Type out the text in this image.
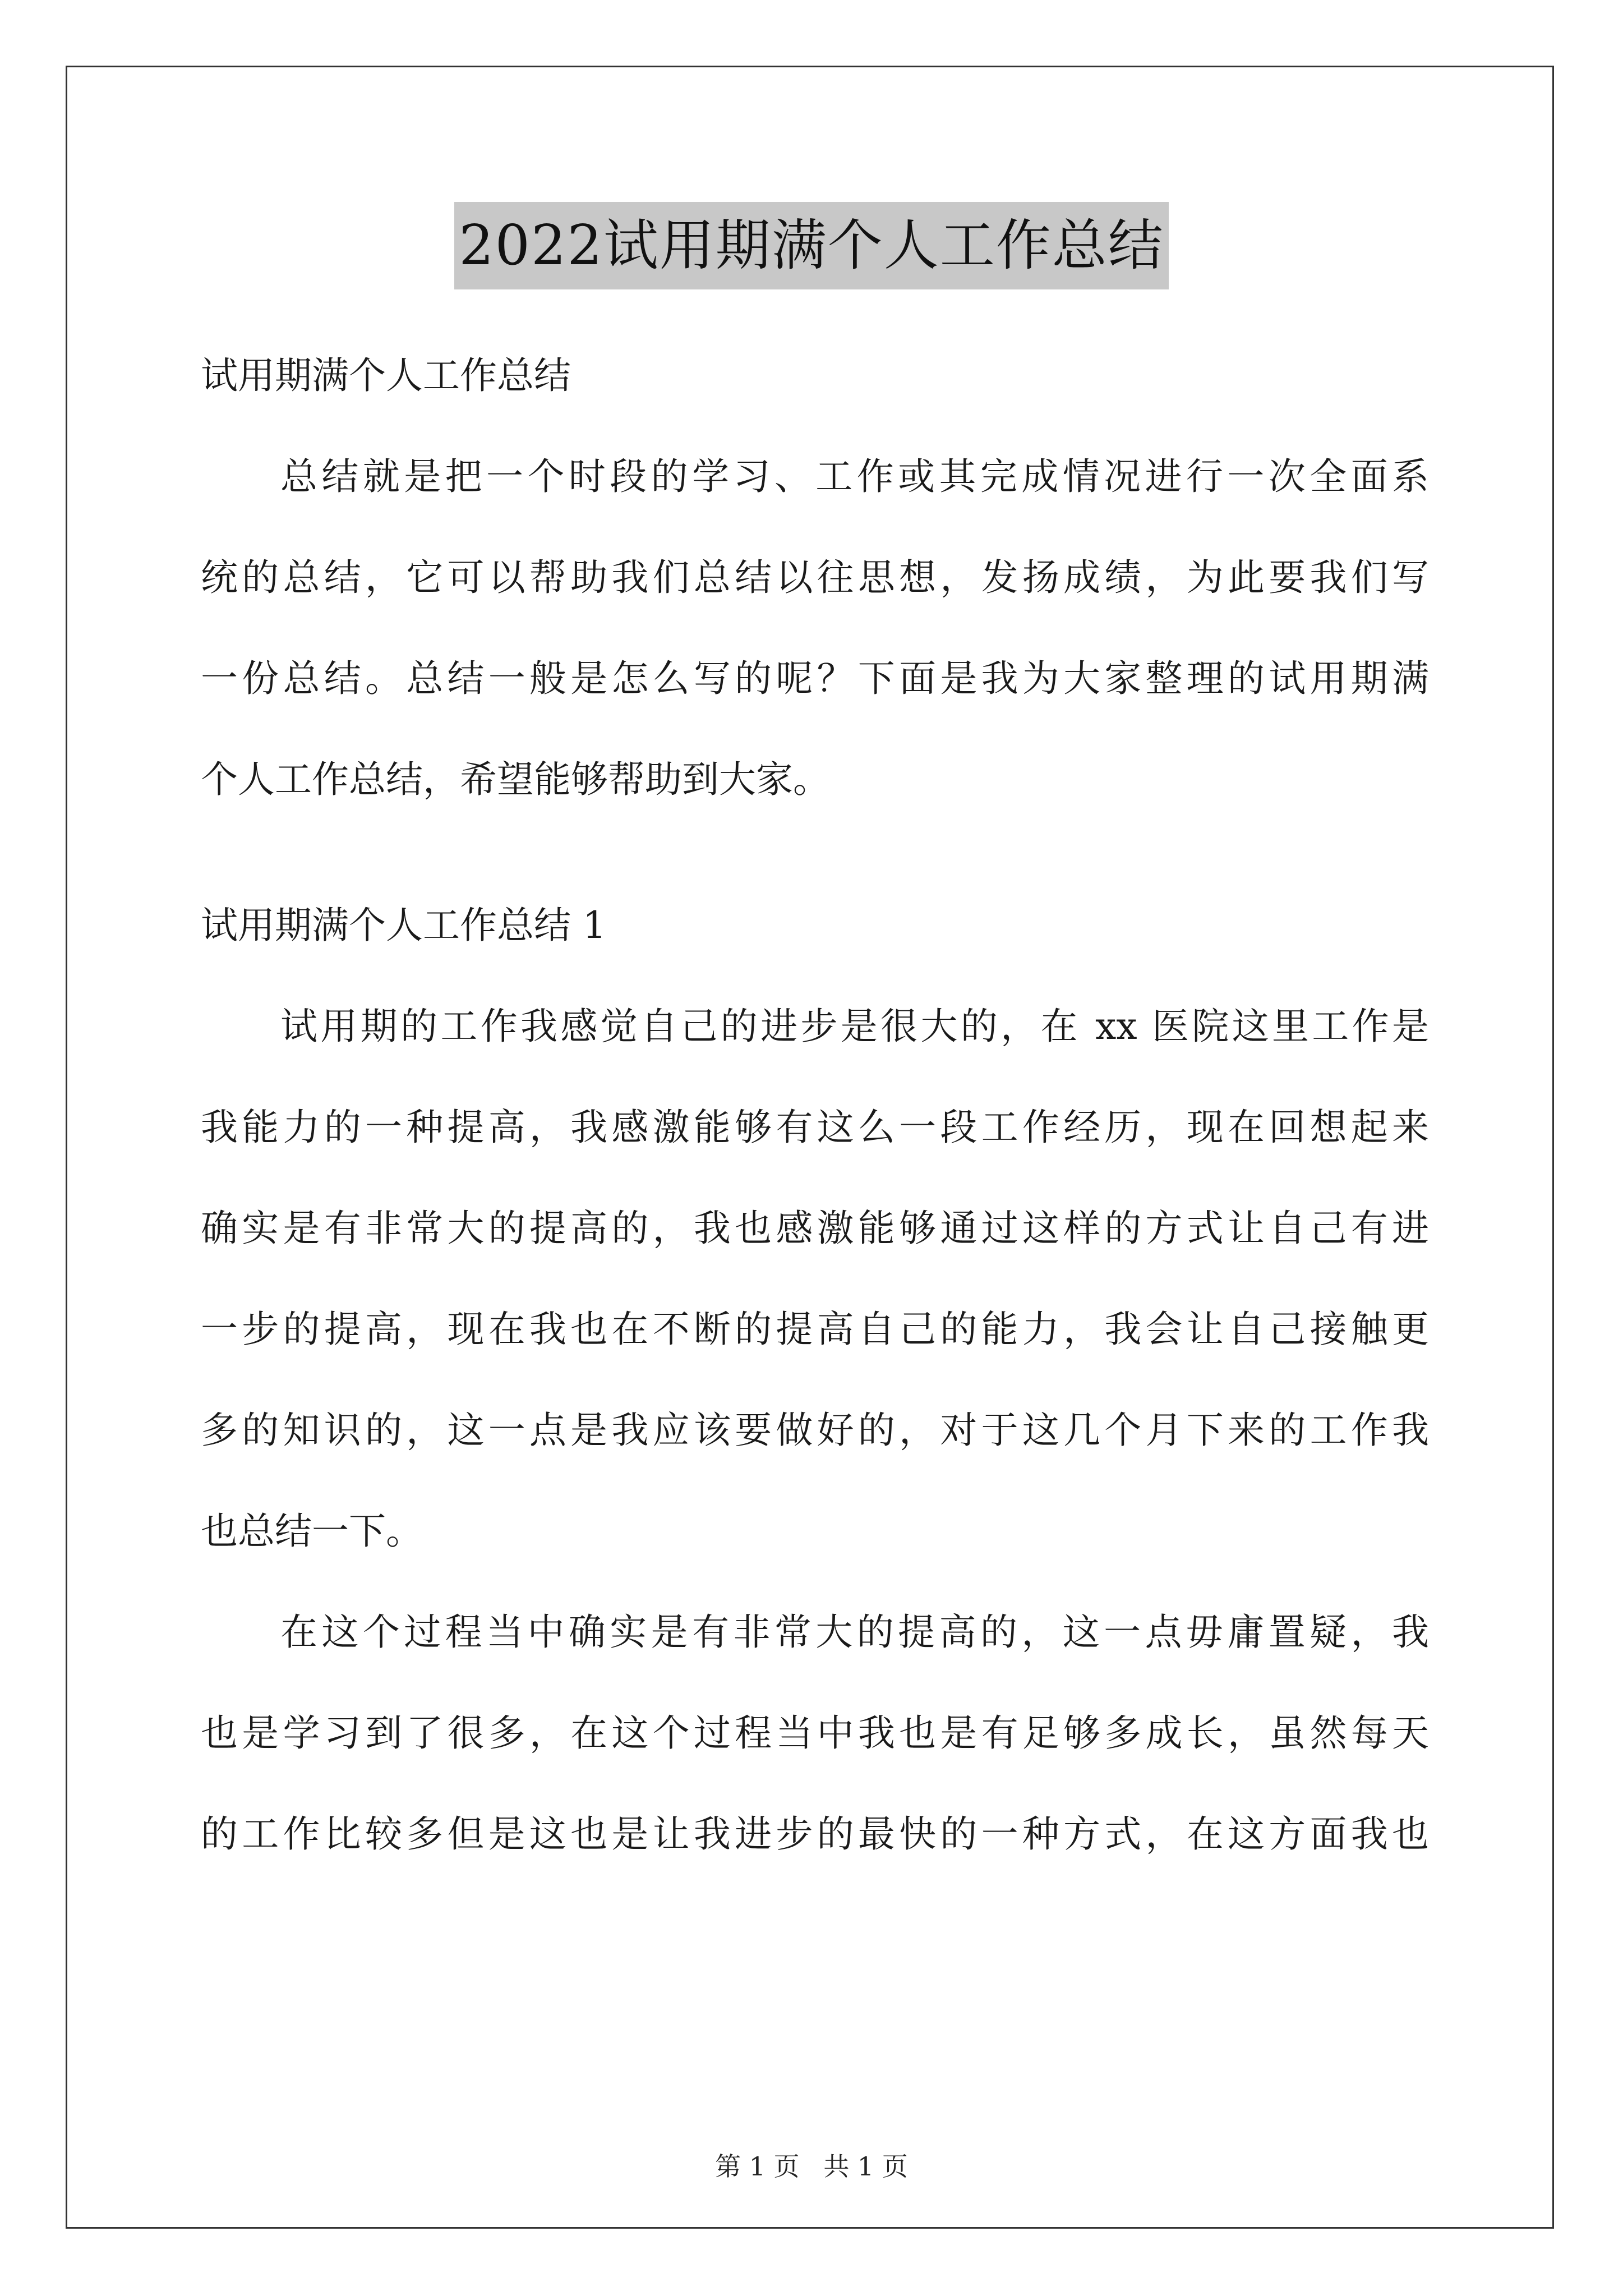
2022试用期满个人工作总结

试用期满个人工作总结

总结就是把一个时段的学习、工作或其完成情况进行一次全面系

统的总结，它可以帮助我们总结以往思想，发扬成绩，为此要我们写

一份总结。总结一般是怎么写的呢？下面是我为大家整理的试用期满

个人工作总结，希望能够帮助到大家。

试用期满个人工作总结 1

试用期的工作我感觉自己的进步是很大的，在 xx 医院这里工作是

我能力的一种提高，我感激能够有这么一段工作经历，现在回想起来

确实是有非常大的提高的，我也感激能够通过这样的方式让自己有进

一步的提高，现在我也在不断的提高自己的能力，我会让自己接触更

多的知识的，这一点是我应该要做好的，对于这几个月下来的工作我

也总结一下。

在这个过程当中确实是有非常大的提高的，这一点毋庸置疑，我

也是学习到了很多，在这个过程当中我也是有足够多成长，虽然每天

的工作比较多但是这也是让我进步的最快的一种方式，在这方面我也

第 1 页 共 1 页
